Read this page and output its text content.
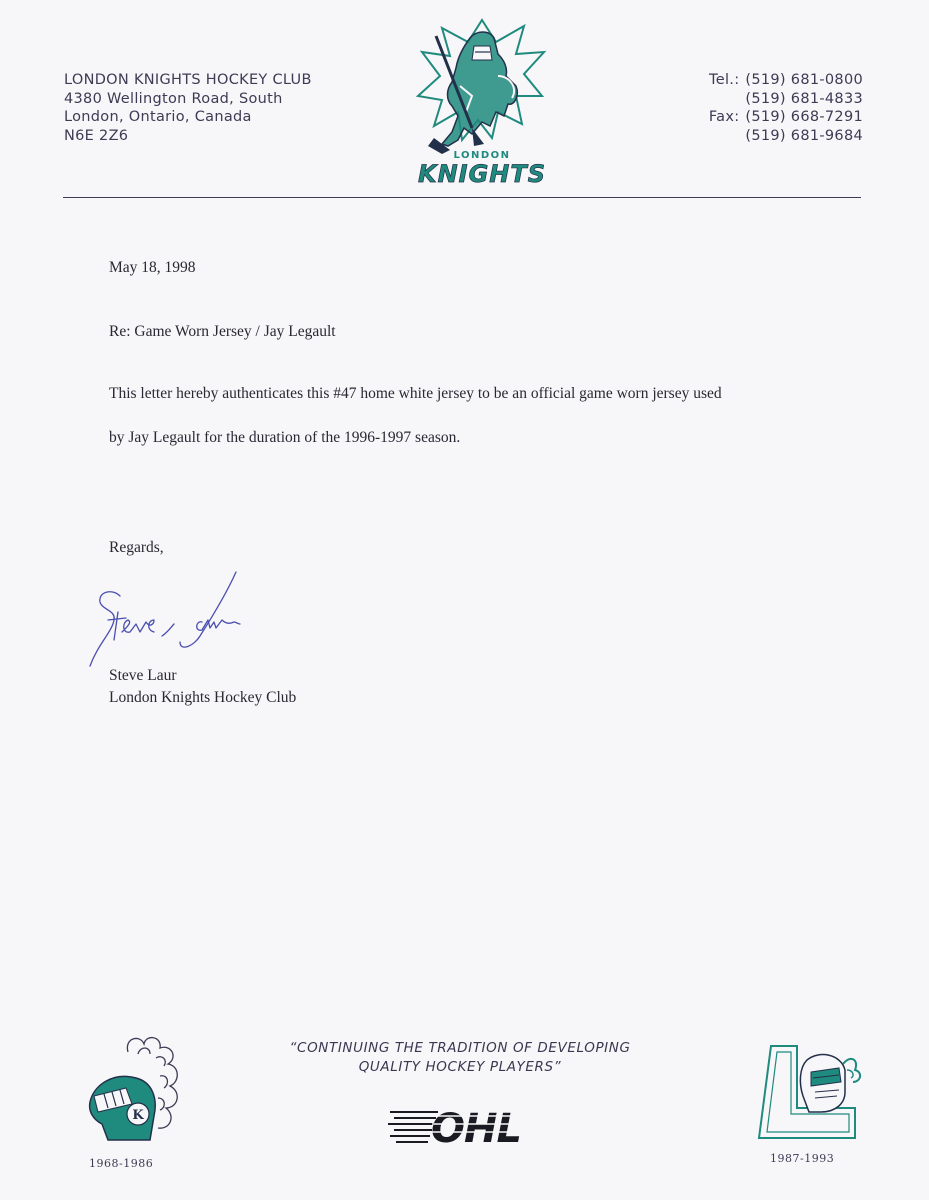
LONDON KNIGHTS HOCKEY CLUB
4380 Wellington Road, South
London, Ontario, Canada
N6E 2Z6
LONDON
KNIGHTS
Tel.: (519) 681-0800
(519) 681-4833
Fax: (519) 668-7291
(519) 681-9684
May 18, 1998
Re: Game Worn Jersey / Jay Legault
This letter hereby authenticates this #47 home white jersey to be an official game worn jersey used
by Jay Legault for the duration of the 1996-1997 season.
Regards,
Steve Laur
London Knights Hockey Club
K
1968-1986
“CONTINUING THE TRADITION OF DEVELOPING
QUALITY HOCKEY PLAYERS”
OHL
1987-1993
